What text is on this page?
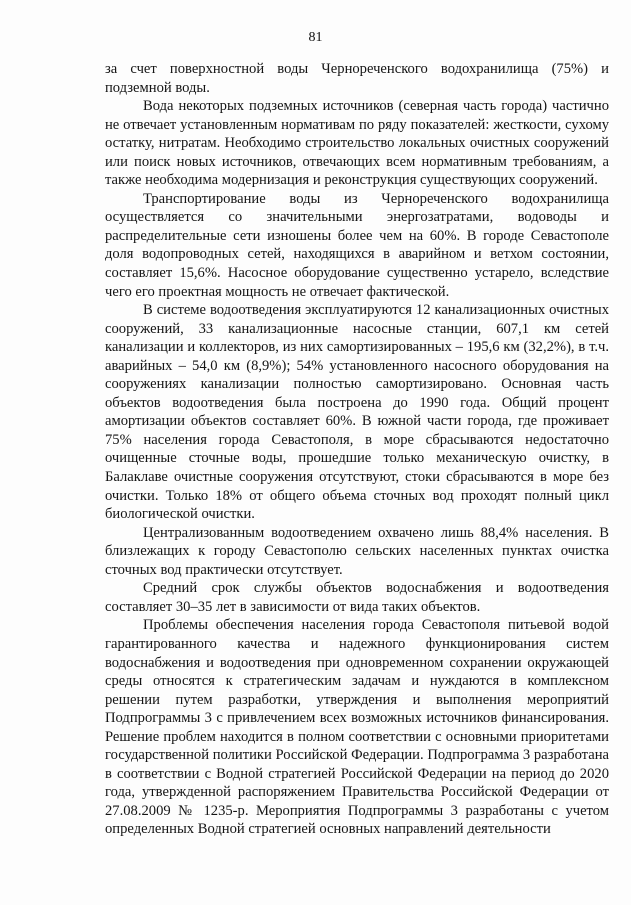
81

за счет поверхностной воды Чернореченского водохранилища (75%) и подземной воды.

Вода некоторых подземных источников (северная часть города) частично не отвечает установленным нормативам по ряду показателей: жесткости, сухому остатку, нитратам. Необходимо строительство локальных очистных сооружений или поиск новых источников, отвечающих всем нормативным требованиям, а также необходима модернизация и реконструкция существующих сооружений.

Транспортирование воды из Чернореченского водохранилища осуществляется со значительными энергозатратами, водоводы и распределительные сети изношены более чем на 60%. В городе Севастополе доля водопроводных сетей, находящихся в аварийном и ветхом состоянии, составляет 15,6%. Насосное оборудование существенно устарело, вследствие чего его проектная мощность не отвечает фактической.

В системе водоотведения эксплуатируются 12 канализационных очистных сооружений, 33 канализационные насосные станции, 607,1 км сетей канализации и коллекторов, из них самортизированных – 195,6 км (32,2%), в т.ч. аварийных – 54,0 км (8,9%); 54% установленного насосного оборудования на сооружениях канализации полностью самортизировано. Основная часть объектов водоотведения была построена до 1990 года. Общий процент амортизации объектов составляет 60%. В южной части города, где проживает 75% населения города Севастополя, в море сбрасываются недостаточно очищенные сточные воды, прошедшие только механическую очистку, в Балаклаве очистные сооружения отсутствуют, стоки сбрасываются в море без очистки. Только 18% от общего объема сточных вод проходят полный цикл биологической очистки.

Централизованным водоотведением охвачено лишь 88,4% населения. В близлежащих к городу Севастополю сельских населенных пунктах очистка сточных вод практически отсутствует.

Средний срок службы объектов водоснабжения и водоотведения составляет 30–35 лет в зависимости от вида таких объектов.

Проблемы обеспечения населения города Севастополя питьевой водой гарантированного качества и надежного функционирования систем водоснабжения и водоотведения при одновременном сохранении окружающей среды относятся к стратегическим задачам и нуждаются в комплексном решении путем разработки, утверждения и выполнения мероприятий Подпрограммы 3 с привлечением всех возможных источников финансирования. Решение проблем находится в полном соответствии с основными приоритетами государственной политики Российской Федерации. Подпрограмма 3 разработана в соответствии с Водной стратегией Российской Федерации на период до 2020 года, утвержденной распоряжением Правительства Российской Федерации от 27.08.2009 № 1235-р. Мероприятия Подпрограммы 3 разработаны с учетом определенных Водной стратегией основных направлений деятельности
